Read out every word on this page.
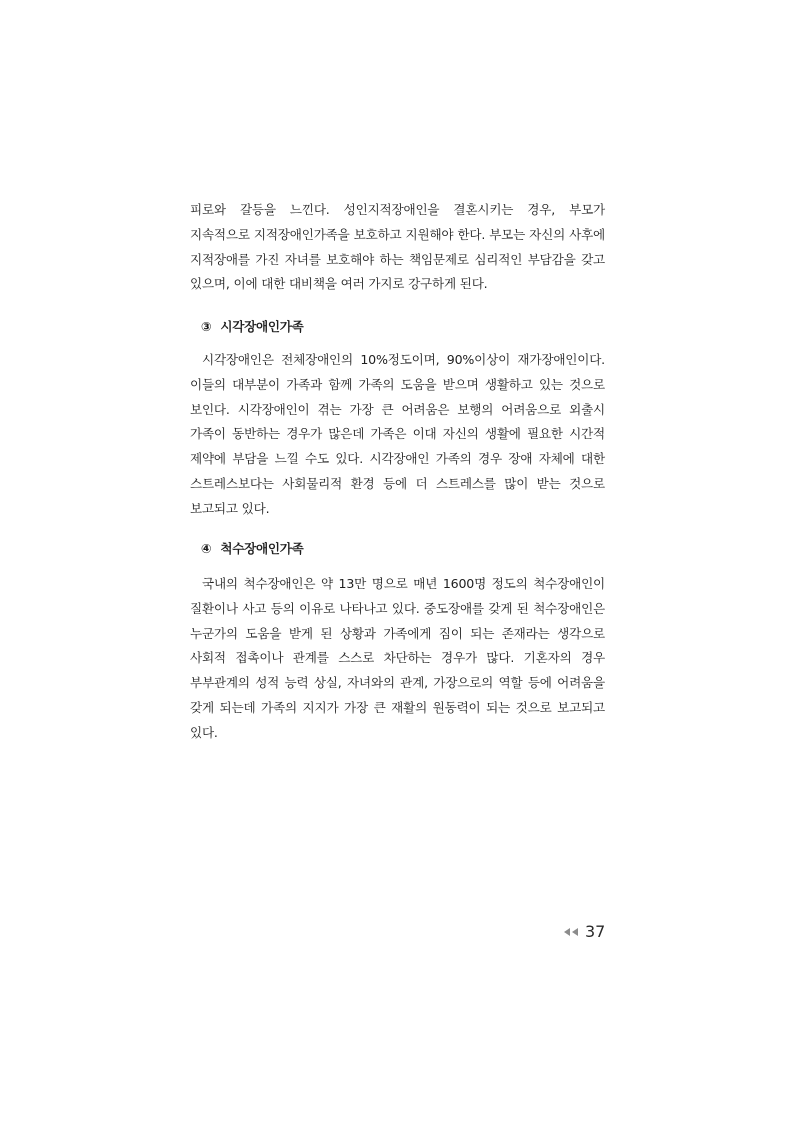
피로와 갈등을 느낀다. 성인지적장애인을 결혼시키는 경우, 부모가 지속적으로 지적장애인가족을 보호하고 지원해야 한다. 부모는 자신의 사후에 지적장애를 가진 자녀를 보호해야 하는 책임문제로 심리적인 부담감을 갖고 있으며, 이에 대한 대비책을 여러 가지로 강구하게 된다.

③ 시각장애인가족

시각장애인은 전체장애인의 10%정도이며, 90%이상이 재가장애인이다. 이들의 대부분이 가족과 함께 가족의 도움을 받으며 생활하고 있는 것으로 보인다. 시각장애인이 겪는 가장 큰 어려움은 보행의 어려움으로 외출시 가족이 동반하는 경우가 많은데 가족은 이대 자신의 생활에 필요한 시간적 제약에 부담을 느낄 수도 있다. 시각장애인 가족의 경우 장애 자체에 대한 스트레스보다는 사회물리적 환경 등에 더 스트레스를 많이 받는 것으로 보고되고 있다.

④ 척수장애인가족

국내의 척수장애인은 약 13만 명으로 매년 1600명 정도의 척수장애인이 질환이나 사고 등의 이유로 나타나고 있다. 중도장애를 갖게 된 척수장애인은 누군가의 도움을 받게 된 상황과 가족에게 짐이 되는 존재라는 생각으로 사회적 접촉이나 관계를 스스로 차단하는 경우가 많다. 기혼자의 경우 부부관계의 성적 능력 상실, 자녀와의 관계, 가장으로의 역할 등에 어려움을 갖게 되는데 가족의 지지가 가장 큰 재활의 원동력이 되는 것으로 보고되고 있다.

37
